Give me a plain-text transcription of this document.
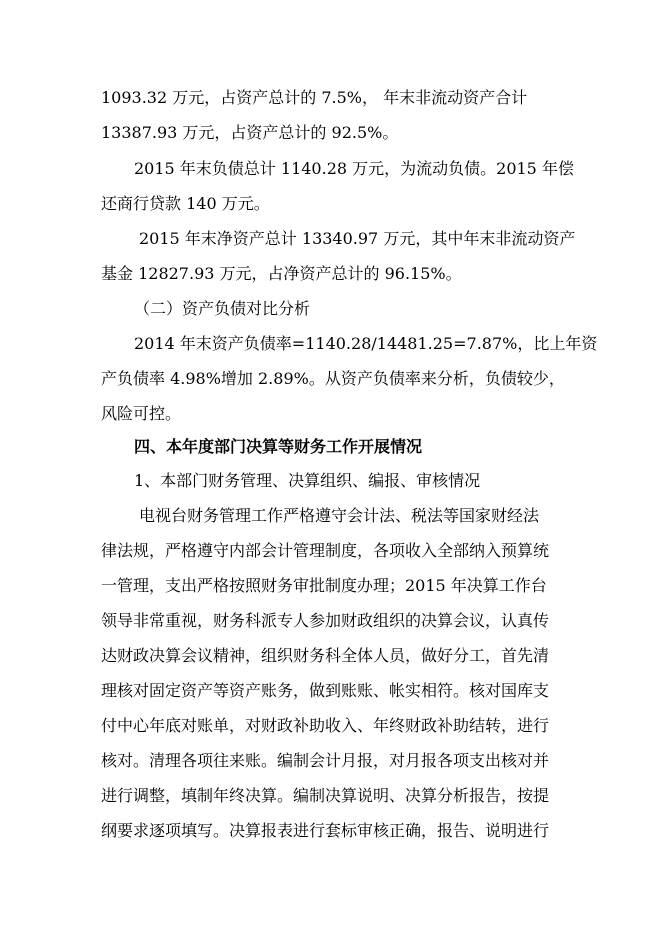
1093.32 万元，占资产总计的 7.5%， 年末非流动资产合计
13387.93 万元，占资产总计的 92.5%。
2015 年末负债总计 1140.28 万元，为流动负债。2015 年偿
还商行贷款 140 万元。
2015 年末净资产总计 13340.97 万元，其中年末非流动资产
基金 12827.93 万元，占净资产总计的 96.15%。
（二）资产负债对比分析
2014 年末资产负债率=1140.28/14481.25=7.87%，比上年资
产负债率 4.98%增加 2.89%。从资产负债率来分析，负债较少，
风险可控。
四、本年度部门决算等财务工作开展情况
1、本部门财务管理、决算组织、编报、审核情况
电视台财务管理工作严格遵守会计法、税法等国家财经法
律法规，严格遵守内部会计管理制度，各项收入全部纳入预算统
一管理，支出严格按照财务审批制度办理；2015 年决算工作台
领导非常重视，财务科派专人参加财政组织的决算会议，认真传
达财政决算会议精神，组织财务科全体人员，做好分工，首先清
理核对固定资产等资产账务，做到账账、帐实相符。核对国库支
付中心年底对账单，对财政补助收入、年终财政补助结转，进行
核对。清理各项往来账。编制会计月报，对月报各项支出核对并
进行调整，填制年终决算。编制决算说明、决算分析报告，按提
纲要求逐项填写。决算报表进行套标审核正确，报告、说明进行
